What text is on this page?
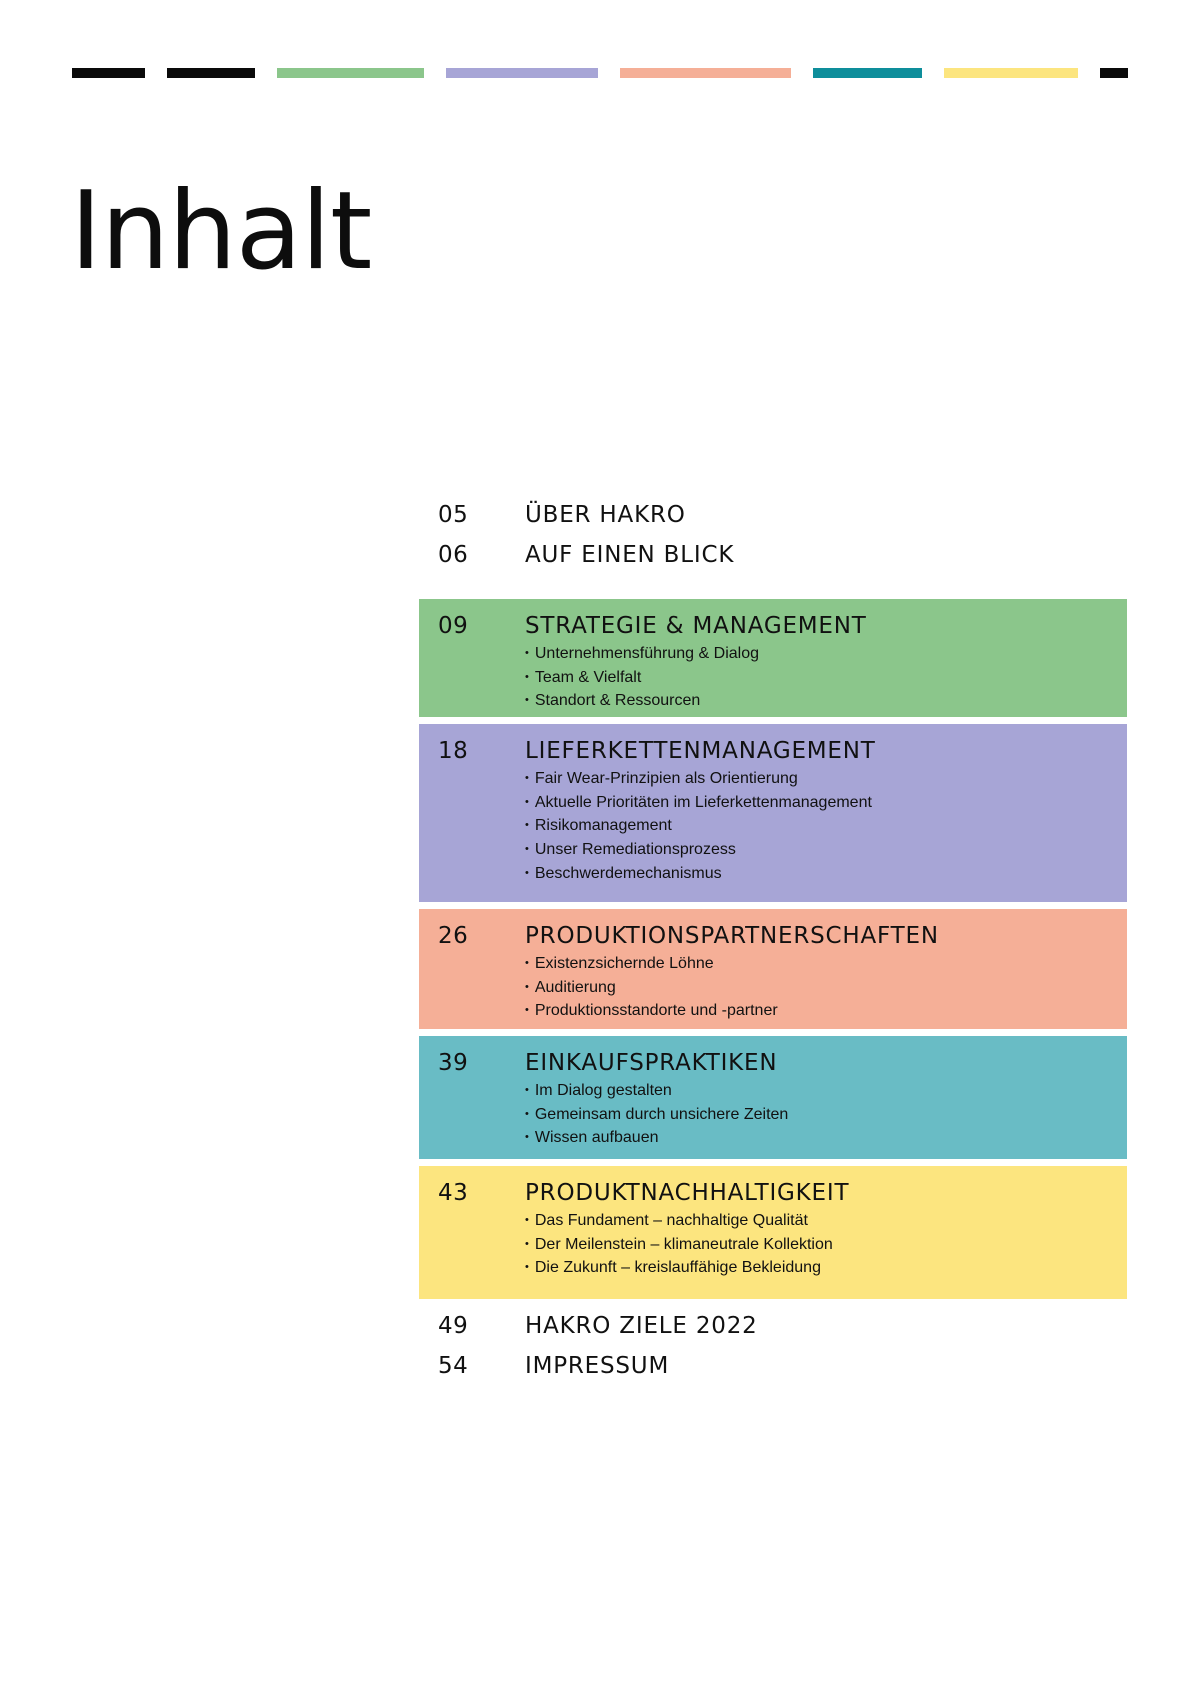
Inhalt
05 ÜBER HAKRO
06 AUF EINEN BLICK
09 STRATEGIE & MANAGEMENT
• Unternehmensführung & Dialog
• Team & Vielfalt
• Standort & Ressourcen
18 LIEFERKETTENMANAGEMENT
• Fair Wear-Prinzipien als Orientierung
• Aktuelle Prioritäten im Lieferkettenmanagement
• Risikomanagement
• Unser Remediationsprozess
• Beschwerdemechanismus
26 PRODUKTIONSPARTNERSCHAFTEN
• Existenzsichernde Löhne
• Auditierung
• Produktionsstandorte und -partner
39 EINKAUFSPRAKTIKEN
• Im Dialog gestalten
• Gemeinsam durch unsichere Zeiten
• Wissen aufbauen
43 PRODUKTNACHHALTIGKEIT
• Das Fundament – nachhaltige Qualität
• Der Meilenstein – klimaneutrale Kollektion
• Die Zukunft – kreislauffähige Bekleidung
49 HAKRO ZIELE 2022
54 IMPRESSUM
